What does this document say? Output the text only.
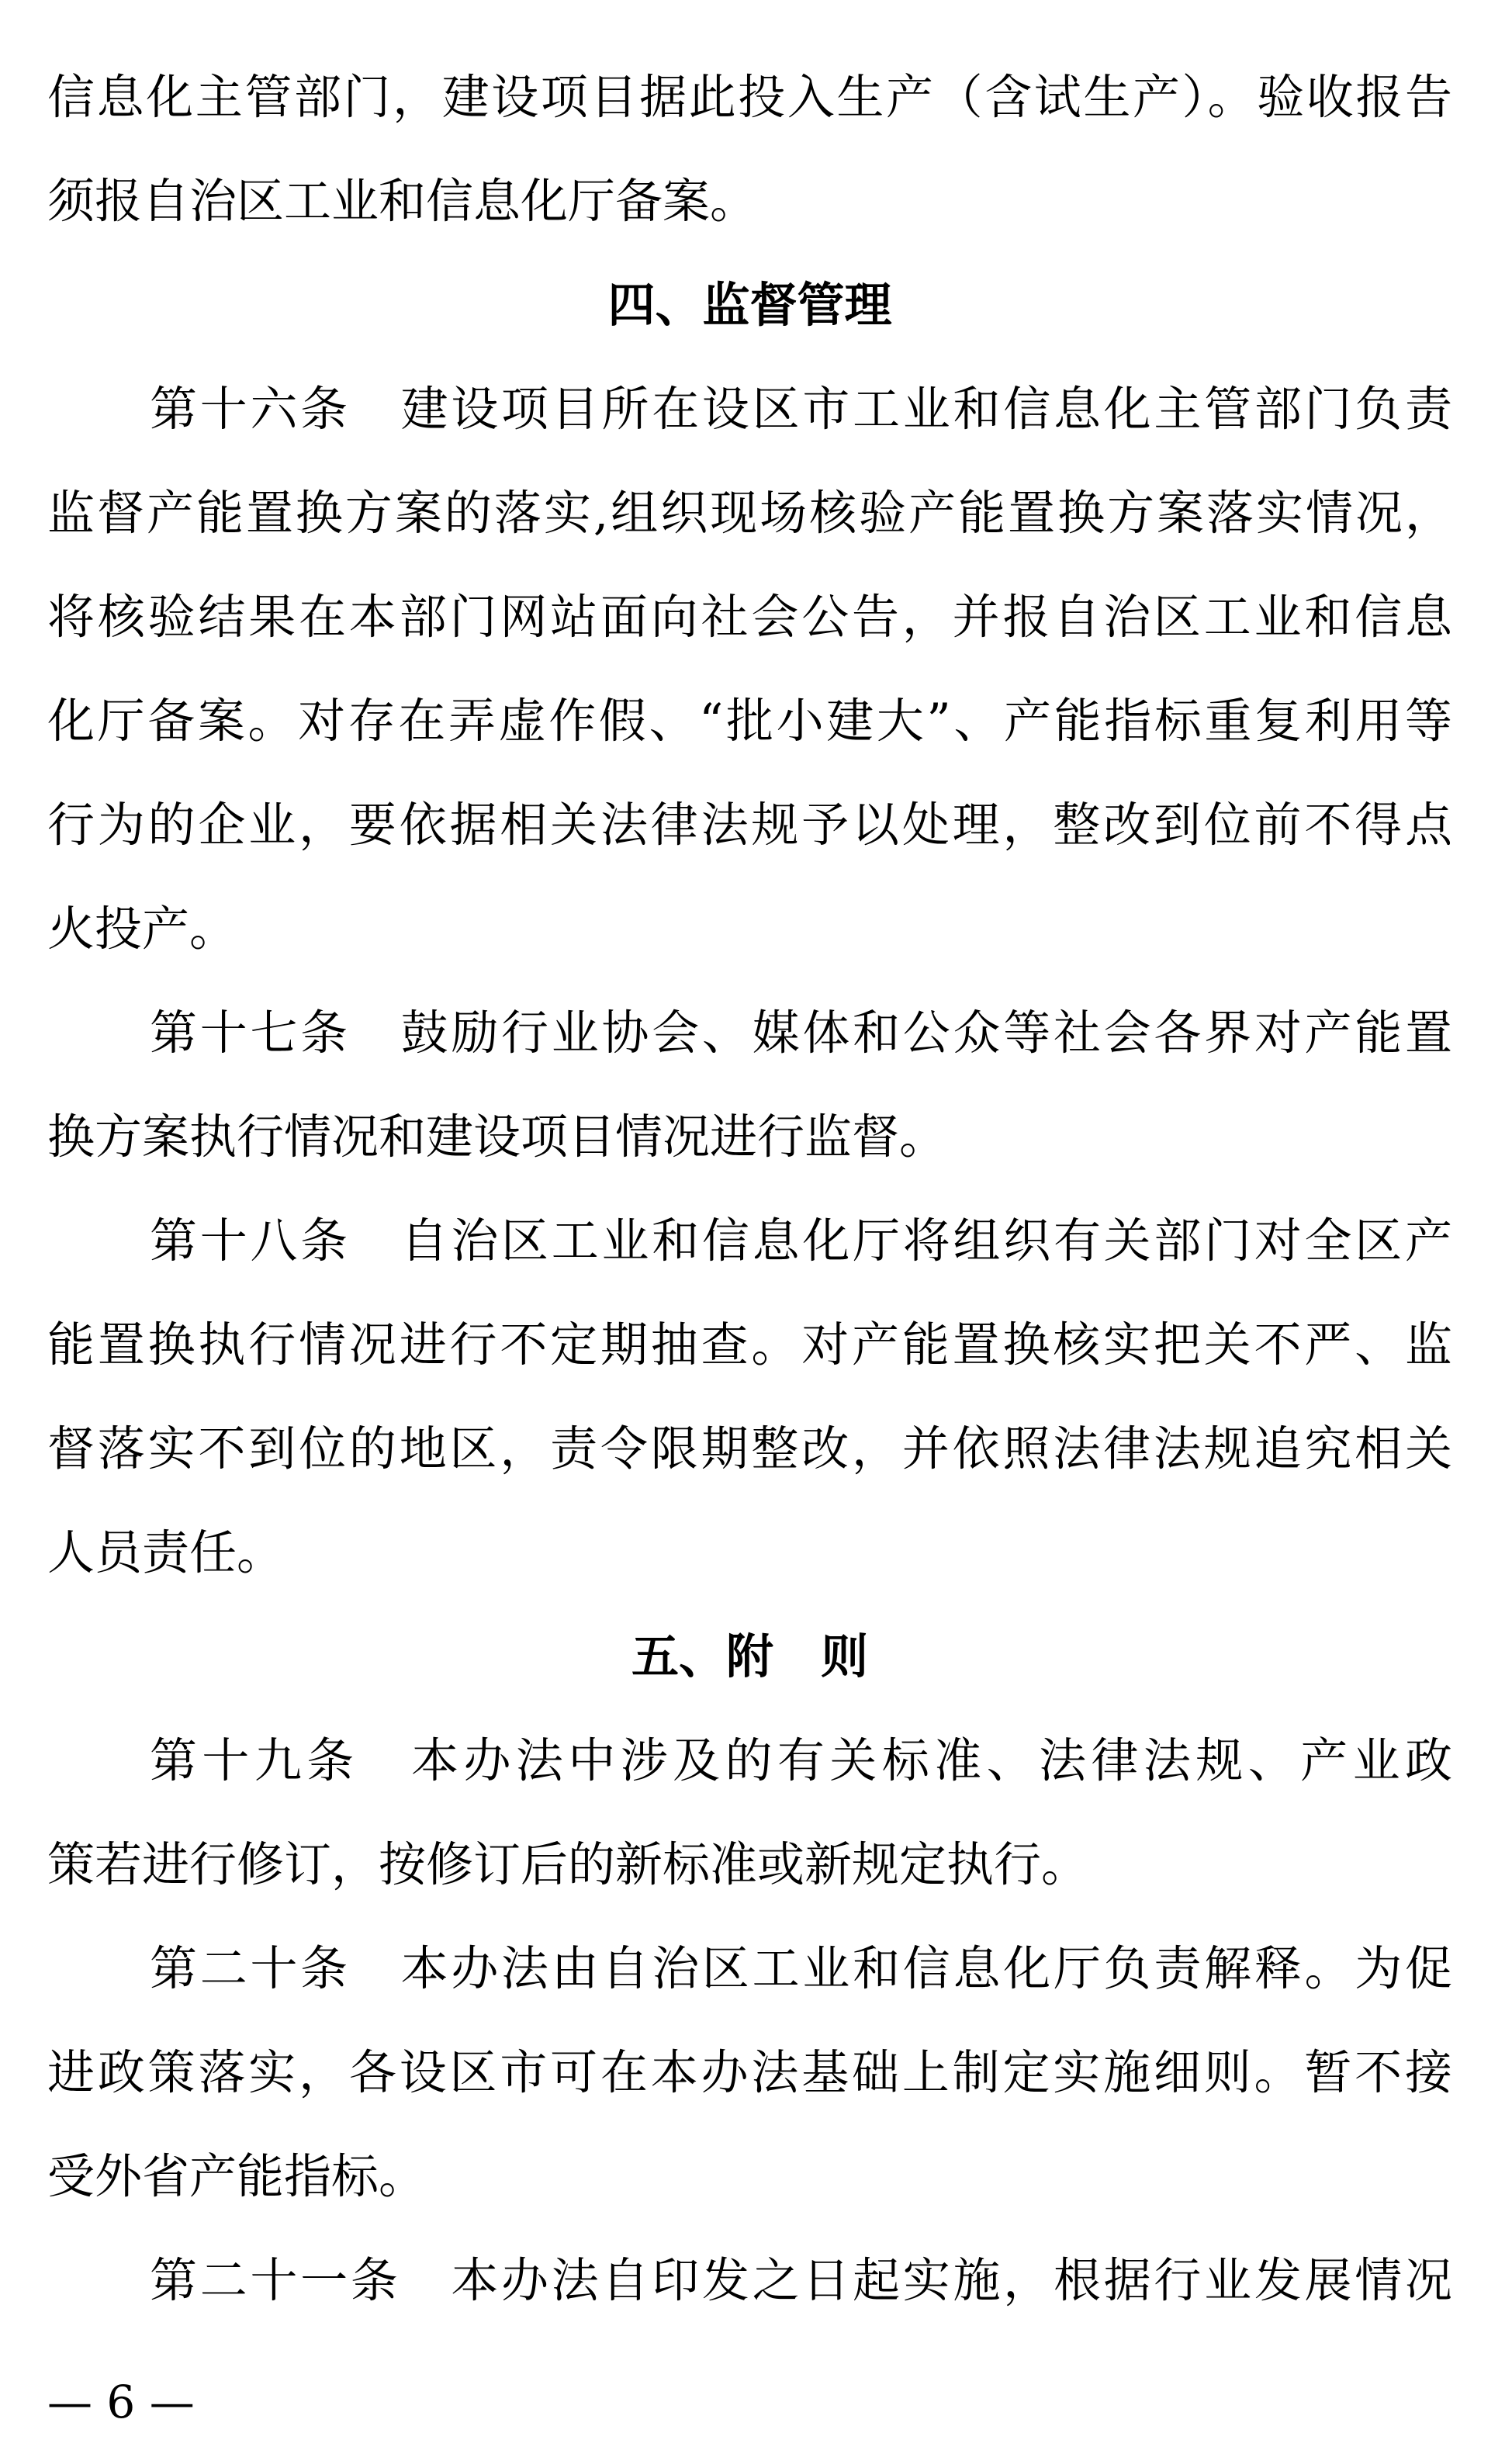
信息化主管部门，建设项目据此投入生产（含试生产）。验收报告
须报自治区工业和信息化厅备案。
四、监督管理
第十六条　建设项目所在设区市工业和信息化主管部门负责
监督产能置换方案的落实,组织现场核验产能置换方案落实情况，
将核验结果在本部门网站面向社会公告，并报自治区工业和信息
化厅备案。对存在弄虚作假、“批小建大”、产能指标重复利用等
行为的企业，要依据相关法律法规予以处理，整改到位前不得点
火投产。
第十七条　鼓励行业协会、媒体和公众等社会各界对产能置
换方案执行情况和建设项目情况进行监督。
第十八条　自治区工业和信息化厅将组织有关部门对全区产
能置换执行情况进行不定期抽查。对产能置换核实把关不严、监
督落实不到位的地区，责令限期整改，并依照法律法规追究相关
人员责任。
五、附　则
第十九条　本办法中涉及的有关标准、法律法规、产业政
策若进行修订，按修订后的新标准或新规定执行。
第二十条　本办法由自治区工业和信息化厅负责解释。为促
进政策落实，各设区市可在本办法基础上制定实施细则。暂不接
受外省产能指标。
第二十一条　本办法自印发之日起实施，根据行业发展情况
— 6 —
